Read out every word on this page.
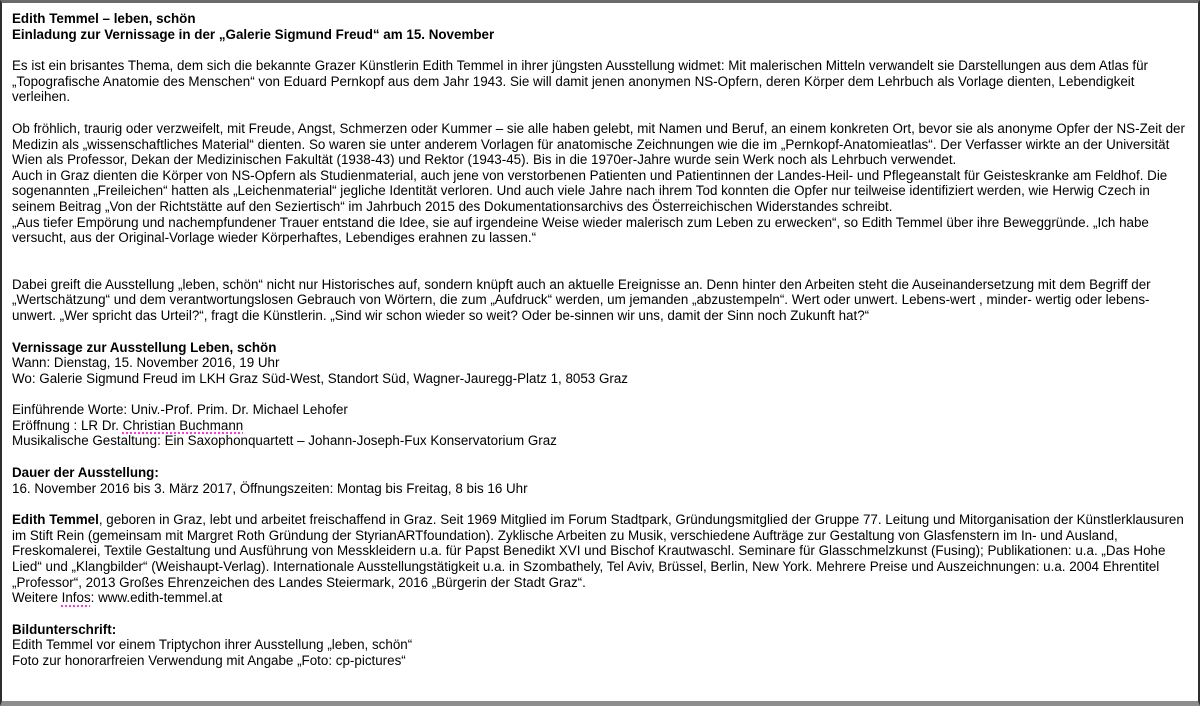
Edith Temmel – leben, schön
Einladung zur Vernissage in der „Galerie Sigmund Freud“ am 15. November
Es ist ein brisantes Thema, dem sich die bekannte Grazer Künstlerin Edith Temmel in ihrer jüngsten Ausstellung widmet: Mit malerischen Mitteln verwandelt sie Darstellungen aus dem Atlas für „Topografische Anatomie des Menschen“ von Eduard Pernkopf aus dem Jahr 1943. Sie will damit jenen anonymen NS-Opfern, deren Körper dem Lehrbuch als Vorlage dienten, Lebendigkeit verleihen.
Ob fröhlich, traurig oder verzweifelt, mit Freude, Angst, Schmerzen oder Kummer – sie alle haben gelebt, mit Namen und Beruf, an einem konkreten Ort, bevor sie als anonyme Opfer der NS-Zeit der Medizin als „wissenschaftliches Material“ dienten. So waren sie unter anderem Vorlagen für anatomische Zeichnungen wie die im „Pernkopf-Anatomieatlas“. Der Verfasser wirkte an der Universität Wien als Professor, Dekan der Medizinischen Fakultät (1938-43) und Rektor (1943-45). Bis in die 1970er-Jahre wurde sein Werk noch als Lehrbuch verwendet.
Auch in Graz dienten die Körper von NS-Opfern als Studienmaterial, auch jene von verstorbenen Patienten und Patientinnen der Landes-Heil- und Pflegeanstalt für Geisteskranke am Feldhof. Die sogenannten „Freileichen“ hatten als „Leichenmaterial“ jegliche Identität verloren. Und auch viele Jahre nach ihrem Tod konnten die Opfer nur teilweise identifiziert werden, wie Herwig Czech in seinem Beitrag „Von der Richtstätte auf den Seziertisch“ im Jahrbuch 2015 des Dokumentationsarchivs des Österreichischen Widerstandes schreibt.
„Aus tiefer Empörung und nachempfundener Trauer entstand die Idee, sie auf irgendeine Weise wieder malerisch zum Leben zu erwecken“, so Edith Temmel über ihre Beweggründe. „Ich habe versucht, aus der Original-Vorlage wieder Körperhaftes, Lebendiges erahnen zu lassen.“
Dabei greift die Ausstellung „leben, schön“ nicht nur Historisches auf, sondern knüpft auch an aktuelle Ereignisse an. Denn hinter den Arbeiten steht die Auseinandersetzung mit dem Begriff der „Wertschätzung“ und dem verantwortungslosen Gebrauch von Wörtern, die zum „Aufdruck“ werden, um jemanden „abzustempeln“. Wert oder unwert. Lebens-wert , minder- wertig oder lebens-unwert. „Wer spricht das Urteil?“, fragt die Künstlerin. „Sind wir schon wieder so weit? Oder be-sinnen wir uns, damit der Sinn noch Zukunft hat?“
Vernissage zur Ausstellung Leben, schön
Wann: Dienstag, 15. November 2016, 19 Uhr
Wo: Galerie Sigmund Freud im LKH Graz Süd-West, Standort Süd, Wagner-Jauregg-Platz 1, 8053 Graz
Einführende Worte: Univ.-Prof. Prim. Dr. Michael Lehofer
Eröffnung : LR Dr. Christian Buchmann
Musikalische Gestaltung: Ein Saxophonquartett – Johann-Joseph-Fux Konservatorium Graz
Dauer der Ausstellung:
16. November 2016 bis 3. März 2017, Öffnungszeiten: Montag bis Freitag, 8 bis 16 Uhr
Edith Temmel, geboren in Graz, lebt und arbeitet freischaffend in Graz. Seit 1969 Mitglied im Forum Stadtpark, Gründungsmitglied der Gruppe 77. Leitung und Mitorganisation der Künstlerklausuren im Stift Rein (gemeinsam mit Margret Roth Gründung der StyrianARTfoundation). Zyklische Arbeiten zu Musik, verschiedene Aufträge zur Gestaltung von Glasfenstern im In- und Ausland, Freskomalerei, Textile Gestaltung und Ausführung von Messkleidern u.a. für Papst Benedikt XVI und Bischof Krautwaschl. Seminare für Glasschmelzkunst (Fusing); Publikationen: u.a. „Das Hohe Lied“ und „Klangbilder“ (Weishaupt-Verlag). Internationale Ausstellungstätigkeit u.a. in Szombathely, Tel Aviv, Brüssel, Berlin, New York. Mehrere Preise und Auszeichnungen: u.a. 2004 Ehrentitel „Professor“, 2013 Großes Ehrenzeichen des Landes Steiermark, 2016 „Bürgerin der Stadt Graz“.
Weitere Infos: www.edith-temmel.at
Bildunterschrift:
Edith Temmel vor einem Triptychon ihrer Ausstellung „leben, schön“
Foto zur honorarfreien Verwendung mit Angabe „Foto: cp-pictures“
